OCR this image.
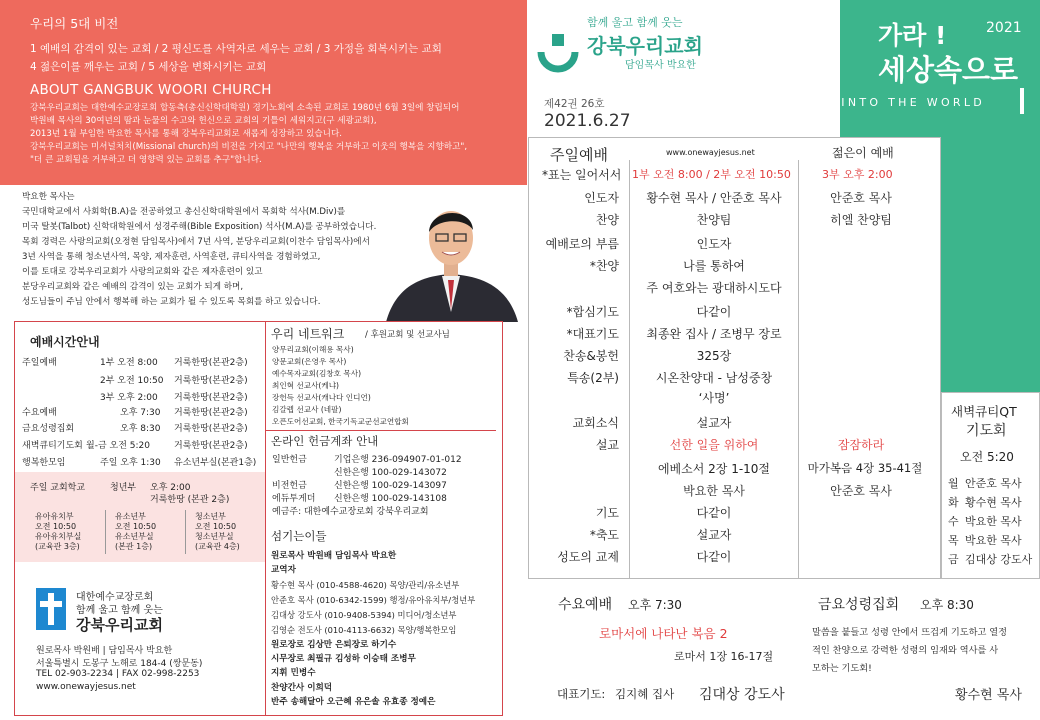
우리의 5대 비전
1 예배의 감격이 있는 교회 / 2 평신도를 사역자로 세우는 교회 / 3 가정을 회복시키는 교회
4 젊은이를 깨우는 교회 / 5 세상을 변화시키는 교회
ABOUT GANGBUK WOORI CHURCH
강북우리교회는 대한예수교장로회 합동측(총신신학대학원) 경기노회에 소속된 교회로 1980년 6월 3일에 창립되어
박원배 목사의 30여년의 땀과 눈물의 수고와 헌신으로 교회의 기틀이 세워지고(구 세광교회),
2013년 1월 부임한 박요한 목사를 통해 강북우리교회로 새롭게 성장하고 있습니다.
강북우리교회는 미셔널처치(Missional church)의 비전을 가지고 "나만의 행복을 거부하고 이웃의 행복을 지향하고",
"더 큰 교회됨을 거부하고 더 영향력 있는 교회를 추구"합니다.
함께 울고 함께 웃는
강북우리교회
담임목사 박요한
제42권 26호
2021.6.27
가라 !	2021
세상속으로
GO! INTO THE WORLD
박요한 목사는
국민대학교에서 사회학(B.A)을 전공하였고 총신신학대학원에서 목회학 석사(M.Div)를
미국 탈봇(Talbot) 신학대학원에서 성경주해(Bible Exposition) 석사(M.A)를 공부하였습니다.
목회 경력은 사랑의교회(오정현 담임목사)에서 7년 사역, 분당우리교회(이찬수 담임목사)에서
3년 사역을 통해 청소년사역, 목양, 제자훈련, 사역훈련, 큐티사역을 경험하였고,
이를 토대로 강북우리교회가 사랑의교회와 같은 제자훈련이 있고
분당우리교회와 같은 예배의 감격이 있는 교회가 되게 하며,
성도님들이 주님 안에서 행복해 하는 교회가 될 수 있도록 목회를 하고 있습니다.
예배시간안내
주일예배	1부 오전 8:00 거룩한땅(본관2층)
2부 오전 10:50 거룩한땅(본관2층)
3부 오후 2:00 거룩한땅(본관2층)
수요예배	오후 7:30 거룩한땅(본관2층)
금요성령집회	오후 8:30 거룩한땅(본관2층)
새벽큐티기도회 월-금 오전 5:20	거룩한땅(본관2층)
행복한모임	주일 오후 1:30 유소년부실(본관1층)
주일 교회학교	청년부 오후 2:00
거룩한땅 (본관 2층)
유아유치부
오전 10:50
유아유치부실
(교육관 3층)
유소년부
오전 10:50
유소년부실
(본관 1층)
청소년부
오전 10:50
청소년부실
(교육관 4층)
대한예수교장로회
함께 울고 함께 웃는
강북우리교회
원로목사 박원배 | 담임목사 박요한
서울특별시 도봉구 노해로 184-4 (쌍문동)
TEL 02-903-2234 | FAX 02-998-2253
www.onewayjesus.net
우리 네트워크 / 후원교회 및 선교사님
양무리교회(이해용 목사)
양문교회(은영우 목사)
예수목자교회(김창호 목사)
최인혁 선교사(케냐)
장헌득 선교사(캐나다 인디언)
김갈렙 선교사 (네팔)
오픈도어선교회, 한국기독교군선교연합회
온라인 헌금계좌 안내
일반헌금	기업은행 236-094907-01-012
신한은행 100-029-143072
비전헌금	신한은행 100-029-143097
에듀투게더 신한은행 100-029-143108
예금주: 대한예수교장로회 강북우리교회
섬기는이들
원로목사 박원배 담임목사 박요한
교역자
황수현 목사 (010-4588-4620) 목양/관리/유소년부
안준호 목사 (010-6342-1599) 행정/유아유치부/청년부
김대상 강도사 (010-9408-5394) 미디어/청소년부
김영순 전도사 (010-4113-6632) 목양/행복한모임
원로장로 김상만 은퇴장로 하기수
시무장로 최필규 김성하 이승태 조병무
지휘 민병수
찬양간사 이희덕
반주 송해달아 오근혜 유은솔 유효종 정예은
주일예배	www.onewayjesus.net	젊은이 예배
*표는 일어서서 1부 오전 8:00 / 2부 오전 10:50	3부 오후 2:00
인도자	황수현 목사 / 안준호 목사	안준호 목사
찬양	찬양팀	히엘 찬양팀
예배로의 부름	인도자
*찬양	나를 통하여
주 여호와는 광대하시도다
*합심기도	다같이
*대표기도	최종완 집사 / 조병무 장로
찬송&봉헌	325장
특송(2부)	시온찬양대 - 남성중창
‘사명’
교회소식	설교자
설교	선한 일을 위하여	잠잠하라
에베소서 2장 1-10절	마가복음 4장 35-41절
박요한 목사	안준호 목사
기도	다같이
*축도	설교자
성도의 교제	다같이
새벽큐티QT
기도회
오전 5:20
월 안준호 목사
화 황수현 목사
수 박요한 목사
목 박요한 목사
금 김대상 강도사
수요예배 오후 7:30
로마서에 나타난 복음 2
로마서 1장 16-17절
대표기도: 김지혜 집사 김대상 강도사
금요성령집회 오후 8:30
말씀을 붙들고 성령 안에서 뜨겁게 기도하고 열정
적인 찬양으로 강력한 성령의 임재와 역사를 사
모하는 기도회!
황수현 목사
